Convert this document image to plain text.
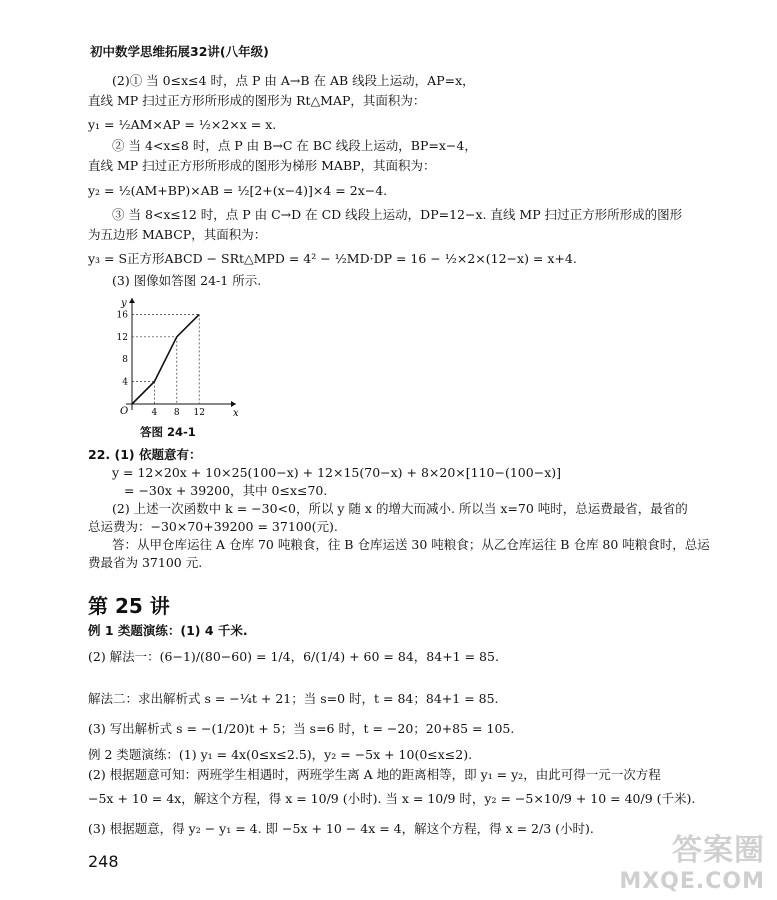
初中数学思维拓展32讲(八年级)
(2)① 当 0≤x≤4 时，点 P 由 A→B 在 AB 线段上运动，AP=x，
直线 MP 扫过正方形所形成的图形为 Rt△MAP，其面积为：
y₁ = ½AM×AP = ½×2×x = x.
② 当 4<x≤8 时，点 P 由 B→C 在 BC 线段上运动，BP=x−4，
直线 MP 扫过正方形所形成的图形为梯形 MABP，其面积为：
y₂ = ½(AM+BP)×AB = ½[2+(x−4)]×4 = 2x−4.
③ 当 8<x≤12 时，点 P 由 C→D 在 CD 线段上运动，DP=12−x. 直线 MP 扫过正方形所形成的图形
为五边形 MABCP，其面积为：
y₃ = S正方形ABCD − SRt△MPD = 4² − ½MD·DP = 16 − ½×2×(12−x) = x+4.
(3) 图像如答图 24-1 所示.
x
y
O
4
8
12
16
4 8 12
答图 24-1
22. (1) 依题意有：
y = 12×20x + 10×25(100−x) + 12×15(70−x) + 8×20×[110−(100−x)]
= −30x + 39200，其中 0≤x≤70.
(2) 上述一次函数中 k = −30<0，所以 y 随 x 的增大而减小. 所以当 x=70 吨时，总运费最省，最省的
总运费为：−30×70+39200 = 37100(元).
答：从甲仓库运往 A 仓库 70 吨粮食，往 B 仓库运送 30 吨粮食；从乙仓库运往 B 仓库 80 吨粮食时，总运
费最省为 37100 元.
第 25 讲
例 1 类题演练：(1) 4 千米.
(2) 解法一：(6−1)/(80−60) = 1/4，6/(1/4) + 60 = 84，84+1 = 85.
解法二：求出解析式 s = −¼t + 21；当 s=0 时，t = 84；84+1 = 85.
(3) 写出解析式 s = −(1/20)t + 5；当 s=6 时，t = −20；20+85 = 105.
例 2 类题演练：(1) y₁ = 4x(0≤x≤2.5)，y₂ = −5x + 10(0≤x≤2).
(2) 根据题意可知：两班学生相遇时，两班学生离 A 地的距离相等，即 y₁ = y₂，由此可得一元一次方程
−5x + 10 = 4x，解这个方程，得 x = 10/9 (小时). 当 x = 10/9 时，y₂ = −5×10/9 + 10 = 40/9 (千米).
(3) 根据题意，得 y₂ − y₁ = 4. 即 −5x + 10 − 4x = 4，解这个方程，得 x = 2/3 (小时).
248	答案圈
MXQE.COM
